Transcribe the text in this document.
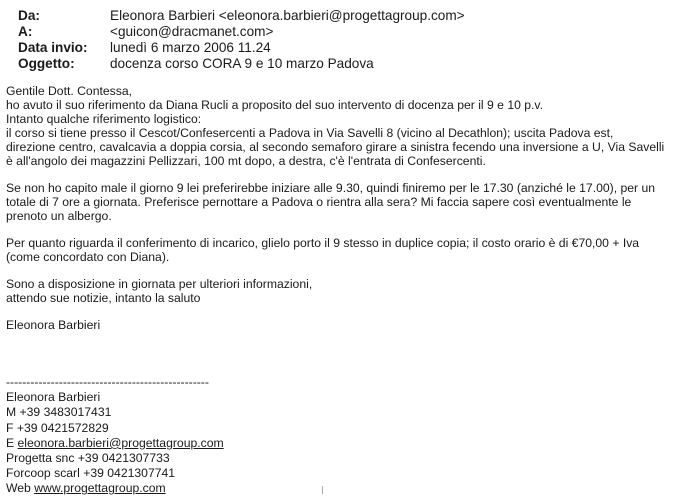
Da:	Eleonora Barbieri <eleonora.barbieri@progettagroup.com>
A:	<guicon@dracmanet.com>
Data invio:	lunedì 6 marzo 2006 11.24
Oggetto:	docenza corso CORA 9 e 10 marzo Padova

Gentile Dott. Contessa,

ho avuto il suo riferimento da Diana Rucli a proposito del suo intervento di docenza per il 9 e 10 p.v.

Intanto qualche riferimento logistico:

il corso si tiene presso il Cescot/Confesercenti a Padova in Via Savelli 8 (vicino al Decathlon); uscita Padova est,

direzione centro, cavalcavia a doppia corsia, al secondo semaforo girare a sinistra fecendo una inversione a U, Via Savelli

è all'angolo dei magazzini Pellizzari, 100 mt dopo, a destra, c'è l'entrata di Confesercenti.

Se non ho capito male il giorno 9 lei preferirebbe iniziare alle 9.30, quindi finiremo per le 17.30 (anziché le 17.00), per un

totale di 7 ore a giornata. Preferisce pernottare a Padova o rientra alla sera? Mi faccia sapere così eventualmente le

prenoto un albergo.

Per quanto riguarda il conferimento di incarico, glielo porto il 9 stesso in duplice copia; il costo orario è di €70,00 + Iva

(come concordato con Diana).

Sono a disposizione in giornata per ulteriori informazioni,

attendo sue notizie, intanto la saluto

Eleonora Barbieri

--------------------------------------------------

Eleonora Barbieri

M +39 3483017431

F +39 0421572829

E eleonora.barbieri@progettagroup.com

Progetta snc +39 0421307733

Forcoop scarl +39 0421307741

Web www.progettagroup.com
